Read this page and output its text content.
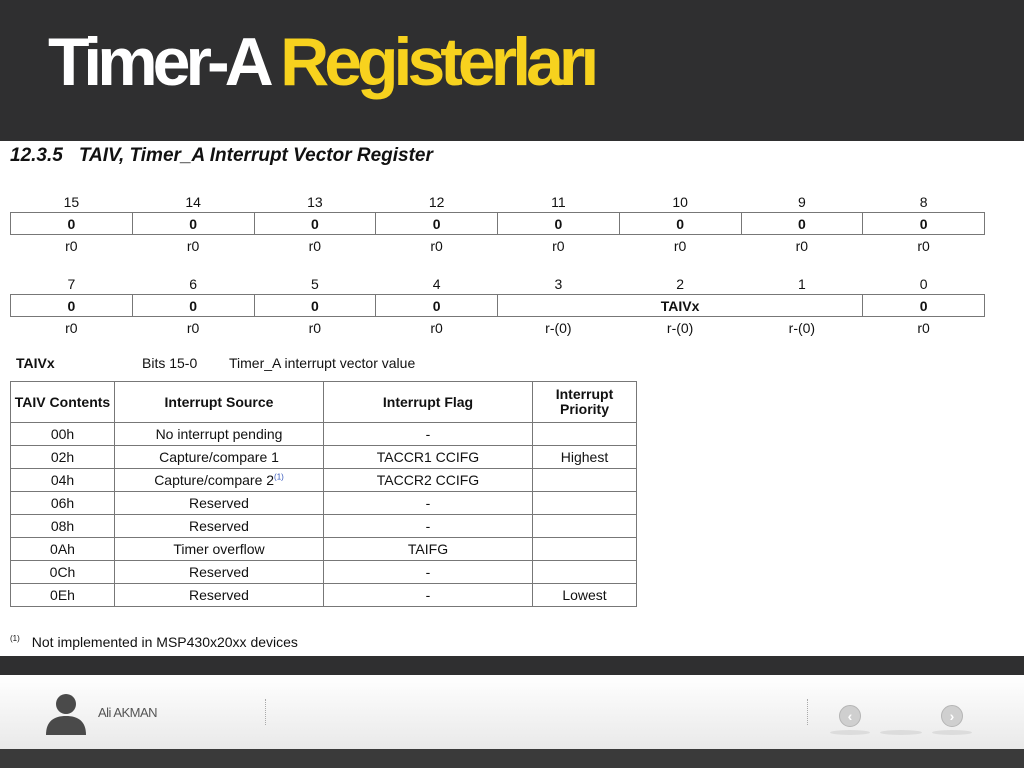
Timer-A Registerları
12.3.5 TAIV, Timer_A Interrupt Vector Register
15	14	13	12	11	10	9	8
0	0	0	0	0	0	0	0
r0	r0	r0	r0	r0	r0	r0	r0
7	6	5	4	3	2	1	0
0	0	0	0	TAIVx			0
r0	r0	r0	r0	r-(0)	r-(0)	r-(0)	r0
TAIVx	Bits 15-0 Timer_A interrupt vector value
TAIV Contents	Interrupt Source	Interrupt Flag	Interrupt Priority
00h	No interrupt pending	-	
02h	Capture/compare 1	TACCR1 CCIFG	Highest
04h	Capture/compare 2$^{(1)}$	TACCR2 CCIFG	
06h	Reserved	-	
08h	Reserved	-	
0Ah	Timer overflow	TAIFG	
0Ch	Reserved	-	
0Eh	Reserved	-	Lowest
$^{(1)}$ Not implemented in MSP430x20xx devices
Ali AKMAN	‹	›
